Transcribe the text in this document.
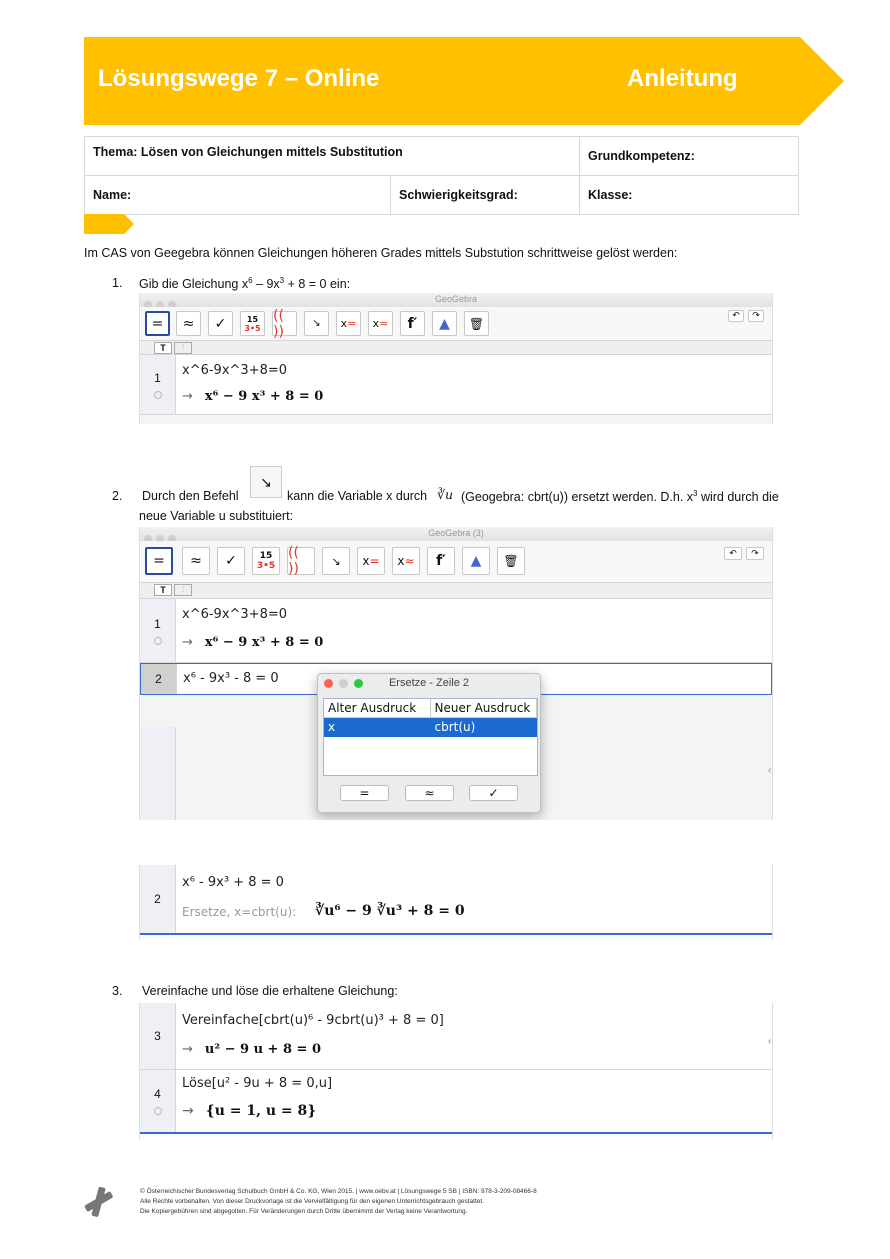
Lösungswege 7 – Online	Anleitung
Thema: Lösen von Gleichungen mittels Substitution		Grundkompetenz:
Name:	Schwierigkeitsgrad:	Klasse:
Im CAS von Geegebra können Gleichungen höheren Grades mittels Substution schrittweise gelöst werden:
1. Gib die Gleichung $x^6 - 9x^3 + 8 = 0$ ein:
GeoGebra
=	≈	✓	15
3•5
(( ))	↘	x =	x ≈	f′	▲	🗑
↶	↷
T	⫶
1 x^6-9x^3+8=0
→ x⁶ − 9 x³ + 8 = 0
2. Durch den Befehl
↘
kann die Variable x durch ∛u (Geogebra: cbrt(u)) ersetzt werden. D.h. $x^3$ wird durch die
neue Variable u substituiert:
GeoGebra (3)
=	≈	✓	15
3•5
(( ))	↘	x =	x ≈	f′	▲	🗑
↶	↷
T	⫶
1
x^6-9x^3+8=0
→ x⁶ − 9 x³ + 8 = 0
2	x⁶ - 9x³ - 8 = 0	Ersetze - Zeile 2
Alter Ausdruck	Neuer Ausdruck
x	cbrt(u)
=	≈	✓
‹
2
x⁶ - 9x³ + 8 = 0
Ersetze, x=cbrt(u): ∛u⁶ − 9 ∛u³ + 8 = 0
3. Vereinfache und löse die erhaltene Gleichung:
3
Vereinfache[cbrt(u)⁶ - 9cbrt(u)³ + 8 = 0]
→ u² − 9 u + 8 = 0
4
Löse[u² - 9u + 8 = 0,u]
→ {u = 1, u = 8}
‹
© Österreichischer Bundesverlag Schulbuch GmbH & Co. KG, Wien 2015. | www.oebv.at | Lösungswege 5 SB | ISBN: 978-3-209-08466-8
Alle Rechte vorbehalten. Von dieser Druckvorlage ist die Vervielfältigung für den eigenen Unterrichtsgebrauch gestattet.
Die Kopiergebühren sind abgegolten. Für Veränderungen durch Dritte übernimmt der Verlag keine Verantwortung.
